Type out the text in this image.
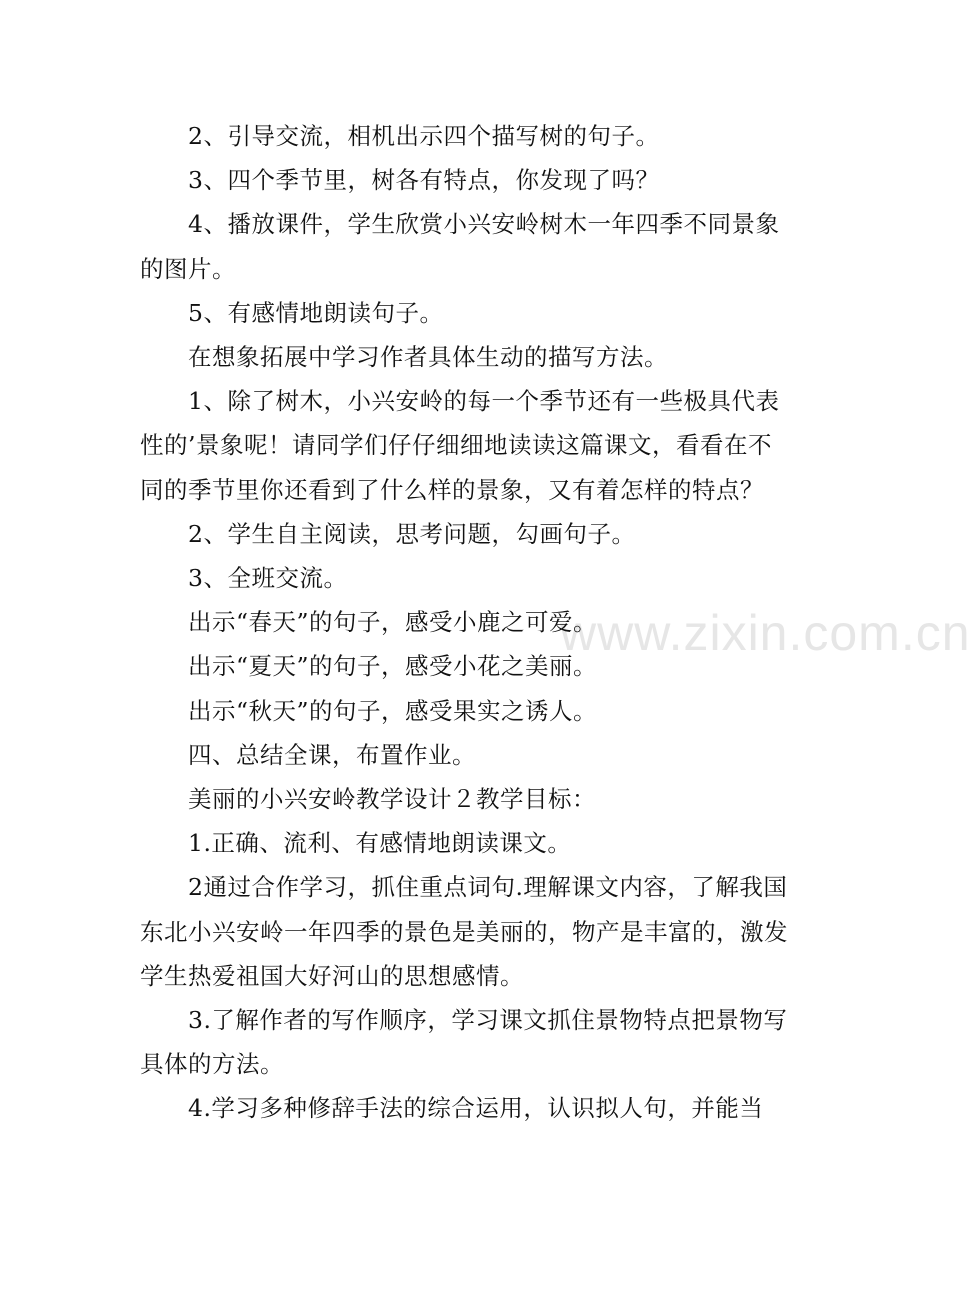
www.zixin.com.cn

2、引导交流，相机出示四个描写树的句子。

3、四个季节里，树各有特点，你发现了吗？

4、播放课件，学生欣赏小兴安岭树木一年四季不同景象的图片。

5、有感情地朗读句子。

在想象拓展中学习作者具体生动的描写方法。

1、除了树木，小兴安岭的每一个季节还有一些极具代表性的’景象呢！请同学们仔仔细细地读读这篇课文，看看在不同的季节里你还看到了什么样的景象，又有着怎样的特点？

2、学生自主阅读，思考问题，勾画句子。

3、全班交流。

出示“春天”的句子，感受小鹿之可爱。

出示“夏天”的句子，感受小花之美丽。

出示“秋天”的句子，感受果实之诱人。

四、总结全课，布置作业。

美丽的小兴安岭教学设计２教学目标：

1.正确、流利、有感情地朗读课文。

2通过合作学习，抓住重点词句.理解课文内容，了解我国东北小兴安岭一年四季的景色是美丽的，物产是丰富的，激发学生热爱祖国大好河山的思想感情。

3.了解作者的写作顺序，学习课文抓住景物特点把景物写具体的方法。

4.学习多种修辞手法的综合运用，认识拟人句，并能当
